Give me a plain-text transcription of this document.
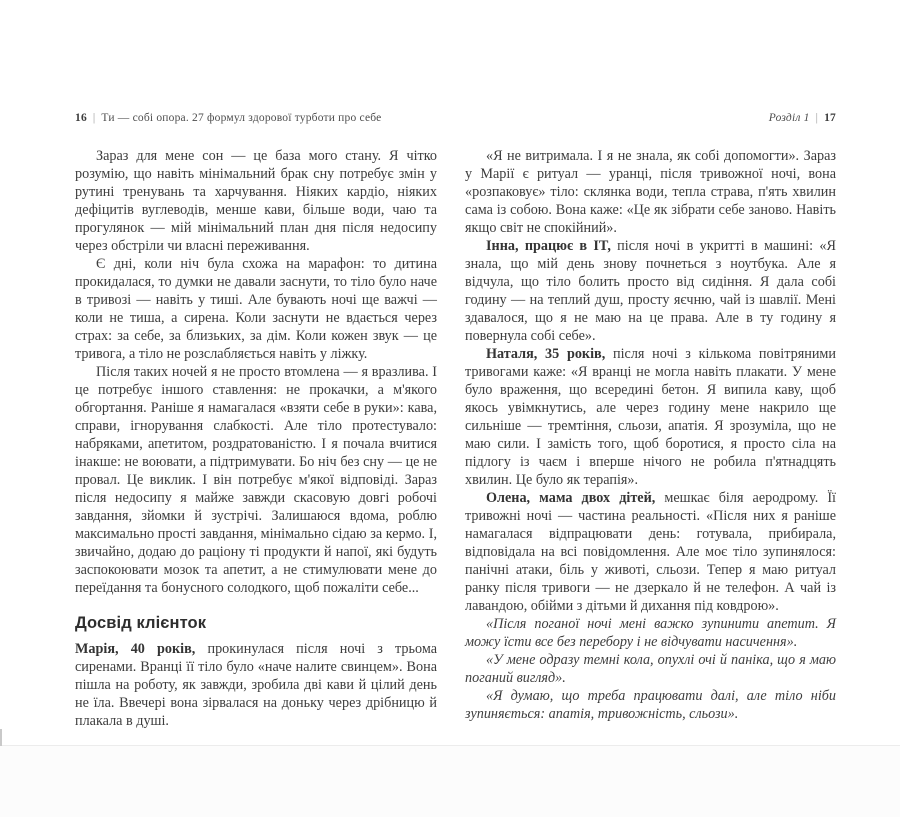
16 | Ти — собі опора. 27 формул здорової турботи про себе	Розділ 1 | 17

Зараз для мене сон — це база мого стану. Я чітко розумію, що навіть мінімальний брак сну потребує змін у рутині тренувань та харчування. Ніяких кардіо, ніяких дефіцитів вуглеводів, менше кави, більше води, чаю та прогулянок — мій мінімальний план дня після недосипу через обстріли чи власні переживання.

Є дні, коли ніч була схожа на марафон: то дитина прокидалася, то думки не давали заснути, то тіло було наче в тривозі — навіть у тиші. Але бувають ночі ще важчі — коли не тиша, а сирена. Коли заснути не вдається через страх: за себе, за близьких, за дім. Коли кожен звук — це тривога, а тіло не розслабляється навіть у ліжку.

Після таких ночей я не просто втомлена — я вразлива. І це потребує іншого ставлення: не прокачки, а м'якого обгортання. Раніше я намагалася «взяти себе в руки»: кава, справи, ігнорування слабкості. Але тіло протестувало: набряками, апетитом, роздратованістю. І я почала вчитися інакше: не воювати, а підтримувати. Бо ніч без сну — це не провал. Це виклик. І він потребує м'якої відповіді. Зараз після недосипу я майже завжди скасовую довгі робочі завдання, зйомки й зустрічі. Залишаюся вдома, роблю максимально прості завдання, мінімально сідаю за кермо. І, звичайно, додаю до раціону ті продукти й напої, які будуть заспокоювати мозок та апетит, а не стимулювати мене до переїдання та бонусного солодкого, щоб пожаліти себе...

Досвід клієнток

Марія, 40 років, прокинулася після ночі з трьома сиренами. Вранці її тіло було «наче налите свинцем». Вона пішла на роботу, як завжди, зробила дві кави й цілий день не їла. Ввечері вона зірвалася на доньку через дрібницю й плакала в душі.

«Я не витримала. І я не знала, як собі допомогти». Зараз у Марії є ритуал — уранці, після тривожної ночі, вона «розпаковує» тіло: склянка води, тепла страва, п'ять хвилин сама із собою. Вона каже: «Це як зібрати себе заново. Навіть якщо світ не спокійний».

Інна, працює в IT, після ночі в укритті в машині: «Я знала, що мій день знову почнеться з ноутбука. Але я відчула, що тіло болить просто від сидіння. Я дала собі годину — на теплий душ, просту яєчню, чай із шавлії. Мені здавалося, що я не маю на це права. Але в ту годину я повернула собі себе».

Наталя, 35 років, після ночі з кількома повітряними тривогами каже: «Я вранці не могла навіть плакати. У мене було враження, що всередині бетон. Я випила каву, щоб якось увімкнутись, але через годину мене накрило ще сильніше — тремтіння, сльози, апатія. Я зрозуміла, що не маю сили. І замість того, щоб боротися, я просто сіла на підлогу із чаєм і вперше нічого не робила п'ятнадцять хвилин. Це було як терапія».

Олена, мама двох дітей, мешкає біля аеродрому. Її тривожні ночі — частина реальності. «Після них я раніше намагалася відпрацювати день: готувала, прибирала, відповідала на всі повідомлення. Але моє тіло зупинялося: панічні атаки, біль у животі, сльози. Тепер я маю ритуал ранку після тривоги — не дзеркало й не телефон. А чай із лавандою, обійми з дітьми й дихання під ковдрою».

«Після поганої ночі мені важко зупинити апетит. Я можу їсти все без перебору і не відчувати насичення».

«У мене одразу темні кола, опухлі очі й паніка, що я маю поганий вигляд».

«Я думаю, що треба працювати далі, але тіло ніби зупиняється: апатія, тривожність, сльози».
